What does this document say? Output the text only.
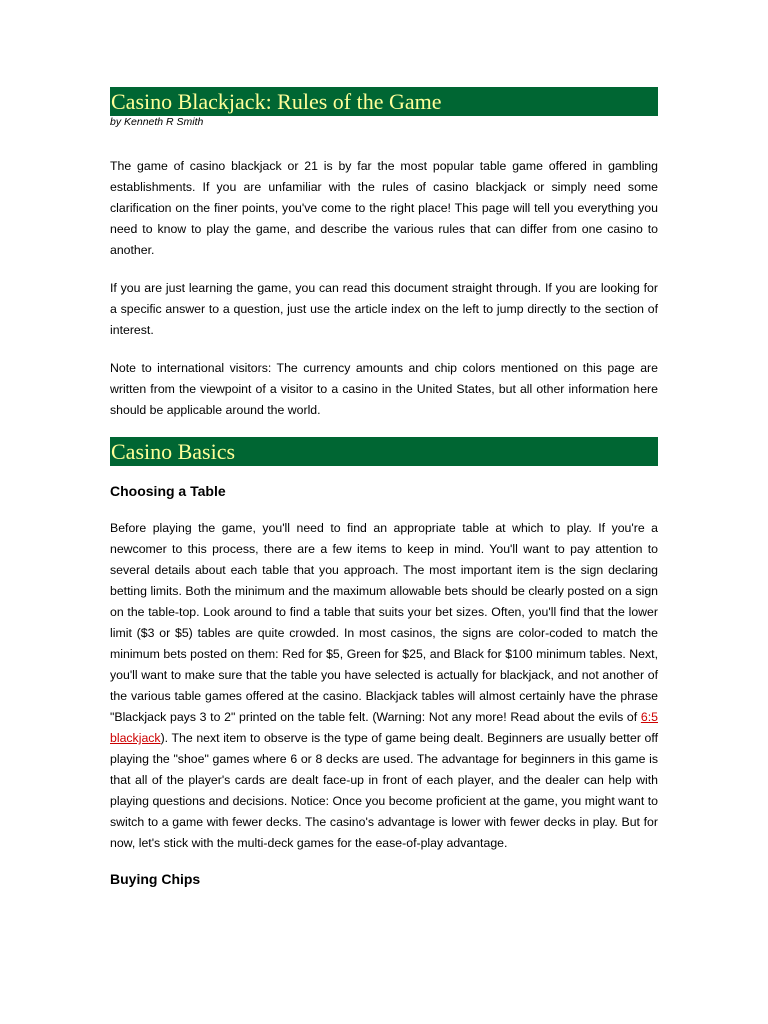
Casino Blackjack: Rules of the Game
by Kenneth R Smith

The game of casino blackjack or 21 is by far the most popular table game offered in gambling establishments. If you are unfamiliar with the rules of casino blackjack or simply need some clarification on the finer points, you've come to the right place! This page will tell you everything you need to know to play the game, and describe the various rules that can differ from one casino to another.

If you are just learning the game, you can read this document straight through. If you are looking for a specific answer to a question, just use the article index on the left to jump directly to the section of interest.

Note to international visitors: The currency amounts and chip colors mentioned on this page are written from the viewpoint of a visitor to a casino in the United States, but all other information here should be applicable around the world.

Casino Basics
Choosing a Table

Before playing the game, you'll need to find an appropriate table at which to play. If you're a newcomer to this process, there are a few items to keep in mind. You'll want to pay attention to several details about each table that you approach. The most important item is the sign declaring betting limits. Both the minimum and the maximum allowable bets should be clearly posted on a sign on the table-top. Look around to find a table that suits your bet sizes. Often, you'll find that the lower limit ($3 or $5) tables are quite crowded. In most casinos, the signs are color-coded to match the minimum bets posted on them: Red for $5, Green for $25, and Black for $100 minimum tables. Next, you'll want to make sure that the table you have selected is actually for blackjack, and not another of the various table games offered at the casino. Blackjack tables will almost certainly have the phrase "Blackjack pays 3 to 2" printed on the table felt. (Warning: Not any more! Read about the evils of 6:5 blackjack). The next item to observe is the type of game being dealt. Beginners are usually better off playing the "shoe" games where 6 or 8 decks are used. The advantage for beginners in this game is that all of the player's cards are dealt face-up in front of each player, and the dealer can help with playing questions and decisions. Notice: Once you become proficient at the game, you might want to switch to a game with fewer decks. The casino's advantage is lower with fewer decks in play. But for now, let's stick with the multi-deck games for the ease-of-play advantage.

Buying Chips
